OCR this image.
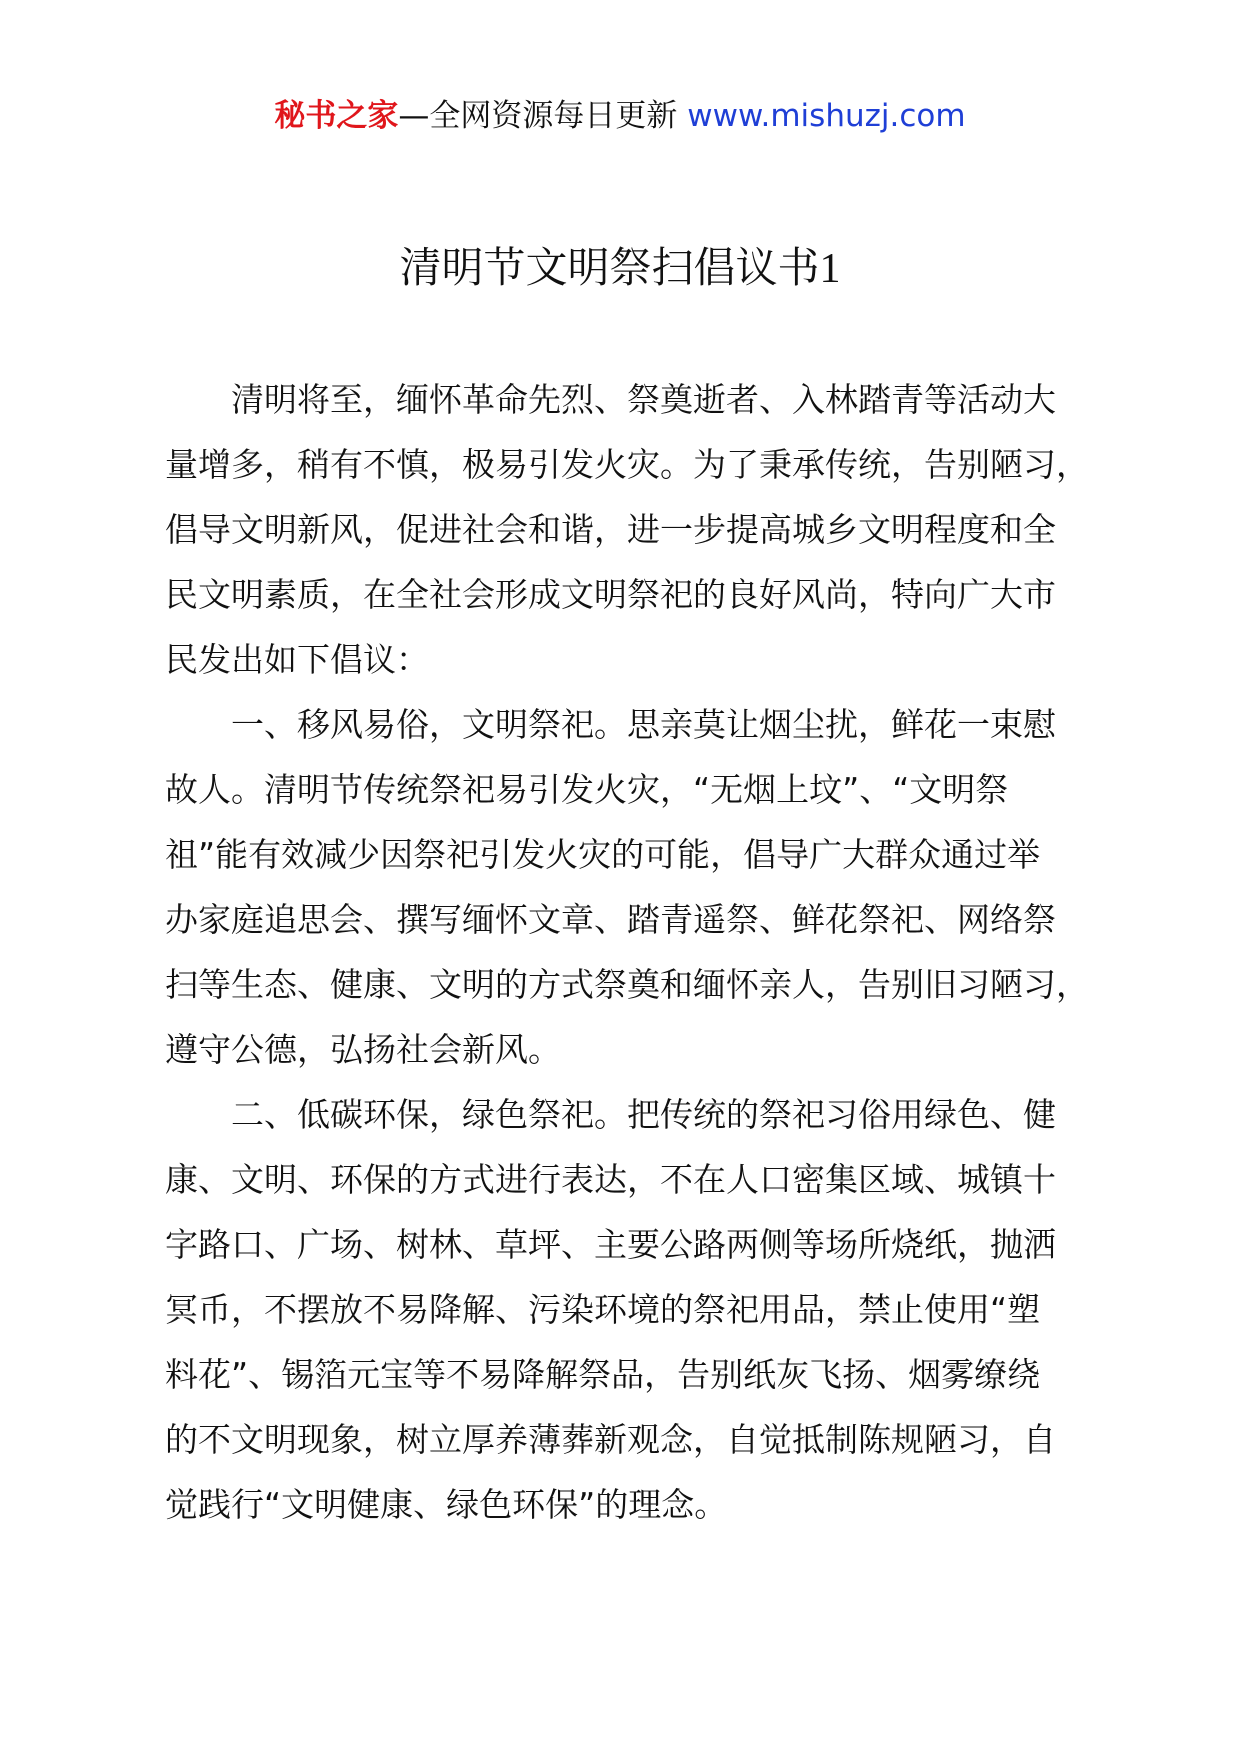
秘书之家—全网资源每日更新 www.mishuzj.com
清明节文明祭扫倡议书1
清明将至，缅怀革命先烈、祭奠逝者、入林踏青等活动大
量增多，稍有不慎，极易引发火灾。为了秉承传统，告别陋习，
倡导文明新风，促进社会和谐，进一步提高城乡文明程度和全
民文明素质，在全社会形成文明祭祀的良好风尚，特向广大市
民发出如下倡议：
一、移风易俗，文明祭祀。思亲莫让烟尘扰，鲜花一束慰
故人。清明节传统祭祀易引发火灾，“无烟上坟”、“文明祭
祖”能有效减少因祭祀引发火灾的可能，倡导广大群众通过举
办家庭追思会、撰写缅怀文章、踏青遥祭、鲜花祭祀、网络祭
扫等生态、健康、文明的方式祭奠和缅怀亲人，告别旧习陋习，
遵守公德，弘扬社会新风。
二、低碳环保，绿色祭祀。把传统的祭祀习俗用绿色、健
康、文明、环保的方式进行表达，不在人口密集区域、城镇十
字路口、广场、树林、草坪、主要公路两侧等场所烧纸，抛洒
冥币，不摆放不易降解、污染环境的祭祀用品，禁止使用“塑
料花”、锡箔元宝等不易降解祭品，告别纸灰飞扬、烟雾缭绕
的不文明现象，树立厚养薄葬新观念，自觉抵制陈规陋习，自
觉践行“文明健康、绿色环保”的理念。
